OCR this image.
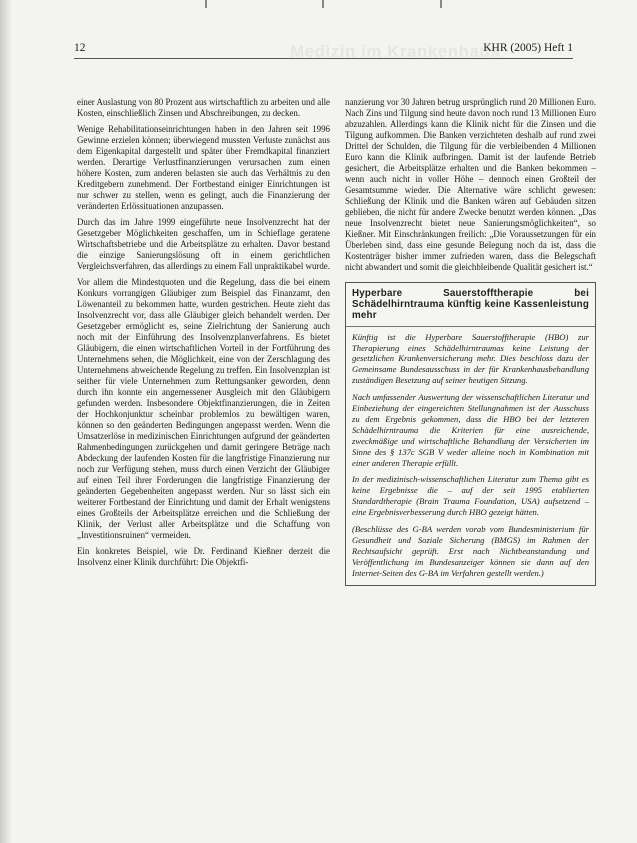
Medizin im Krankenhaus
12	KHR (2005) Heft 1

einer Auslastung von 80 Prozent aus wirtschaftlich zu arbeiten und alle Kosten, einschließlich Zinsen und Abschreibungen, zu decken.

Wenige Rehabilitationseinrichtungen haben in den Jahren seit 1996 Gewinne erzielen können; überwiegend mussten Verluste zunächst aus dem Eigenkapital dargestellt und später über Fremdkapital finanziert werden. Derartige Verlustfinanzierungen verursachen zum einen höhere Kosten, zum anderen belasten sie auch das Verhältnis zu den Kreditgebern zunehmend. Der Fortbestand einiger Einrichtungen ist nur schwer zu stellen, wenn es gelingt, auch die Finanzierung der veränderten Erlössituationen anzupassen.

Durch das im Jahre 1999 eingeführte neue Insolvenzrecht hat der Gesetzgeber Möglichkeiten geschaffen, um in Schieflage geratene Wirtschaftsbetriebe und die Arbeitsplätze zu erhalten. Davor bestand die einzige Sanierungslösung oft in einem gerichtlichen Vergleichsverfahren, das allerdings zu einem Fall unpraktikabel wurde.

Vor allem die Mindestquoten und die Regelung, dass die bei einem Konkurs vorrangigen Gläubiger zum Beispiel das Finanzamt, den Löwenanteil zu bekommen hatte, wurden gestrichen. Heute zieht das Insolvenzrecht vor, dass alle Gläubiger gleich behandelt werden. Der Gesetzgeber ermöglicht es, seine Zielrichtung der Sanierung auch noch mit der Einführung des Insolvenzplanverfahrens. Es bietet Gläubigern, die einen wirtschaftlichen Vorteil in der Fortführung des Unternehmens sehen, die Möglichkeit, eine von der Zerschlagung des Unternehmens abweichende Regelung zu treffen. Ein Insolvenzplan ist seither für viele Unternehmen zum Rettungsanker geworden, denn durch ihn konnte ein angemessener Ausgleich mit den Gläubigern gefunden werden. Insbesondere Objektfinanzierungen, die in Zeiten der Hochkonjunktur scheinbar problemlos zu bewältigen waren, können so den geänderten Bedingungen angepasst werden. Wenn die Umsatzerlöse in medizinischen Einrichtungen aufgrund der geänderten Rahmenbedingungen zurückgehen und damit geringere Beträge nach Abdeckung der laufenden Kosten für die langfristige Finanzierung nur noch zur Verfügung stehen, muss durch einen Verzicht der Gläubiger auf einen Teil ihrer Forderungen die langfristige Finanzierung der geänderten Gegebenheiten angepasst werden. Nur so lässt sich ein weiterer Fortbestand der Einrichtung und damit der Erhalt wenigstens eines Großteils der Arbeitsplätze erreichen und die Schließung der Klinik, der Verlust aller Arbeitsplätze und die Schaffung von „Investitionsruinen“ vermeiden.

Ein konkretes Beispiel, wie Dr. Ferdinand Kießner derzeit die Insolvenz einer Klinik durchführt: Die Objektfi-

nanzierung vor 30 Jahren betrug ursprünglich rund 20 Millionen Euro. Nach Zins und Tilgung sind heute davon noch rund 13 Millionen Euro abzuzahlen. Allerdings kann die Klinik nicht für die Zinsen und die Tilgung aufkommen. Die Banken verzichteten deshalb auf rund zwei Drittel der Schulden, die Tilgung für die verbleibenden 4 Millionen Euro kann die Klinik aufbringen. Damit ist der laufende Betrieb gesichert, die Arbeitsplätze erhalten und die Banken bekommen – wenn auch nicht in voller Höhe – dennoch einen Großteil der Gesamtsumme wieder. Die Alternative wäre schlicht gewesen: Schließung der Klinik und die Banken wären auf Gebäuden sitzen geblieben, die nicht für andere Zwecke benutzt werden können. „Das neue Insolvenzrecht bietet neue Sanierungsmöglichkeiten“, so Kießner. Mit Einschränkungen freilich: „Die Voraussetzungen für ein Überleben sind, dass eine gesunde Belegung noch da ist, dass die Kostenträger bisher immer zufrieden waren, dass die Belegschaft nicht abwandert und somit die gleichbleibende Qualität gesichert ist.“

Hyperbare Sauerstofftherapie bei Schädelhirntrauma künftig keine Kassenleistung mehr

Künftig ist die Hyperbare Sauerstofftherapie (HBO) zur Therapierung eines Schädelhirntraumas keine Leistung der gesetzlichen Krankenversicherung mehr. Dies beschloss dazu der Gemeinsame Bundesausschuss in der für Krankenhausbehandlung zuständigen Besetzung auf seiner heutigen Sitzung.

Nach umfassender Auswertung der wissenschaftlichen Literatur und Einbeziehung der eingereichten Stellungnahmen ist der Ausschuss zu dem Ergebnis gekommen, dass die HBO bei der letzteren Schädelhirntrauma die Kriterien für eine ausreichende, zweckmäßige und wirtschaftliche Behandlung der Versicherten im Sinne des § 137c SGB V weder alleine noch in Kombination mit einer anderen Therapie erfüllt.

In der medizinisch-wissenschaftlichen Literatur zum Thema gibt es keine Ergebnisse die – auf der seit 1995 etablierten Standardtherapie (Brain Trauma Foundation, USA) aufsetzend – eine Ergebnisverbesserung durch HBO gezeigt hätten.

(Beschlüsse des G-BA werden vorab vom Bundesministerium für Gesundheit und Soziale Sicherung (BMGS) im Rahmen der Rechtsaufsicht geprüft. Erst nach Nichtbeanstandung und Veröffentlichung im Bundesanzeiger können sie dann auf den Internet-Seiten des G-BA im Verfahren gestellt werden.)
